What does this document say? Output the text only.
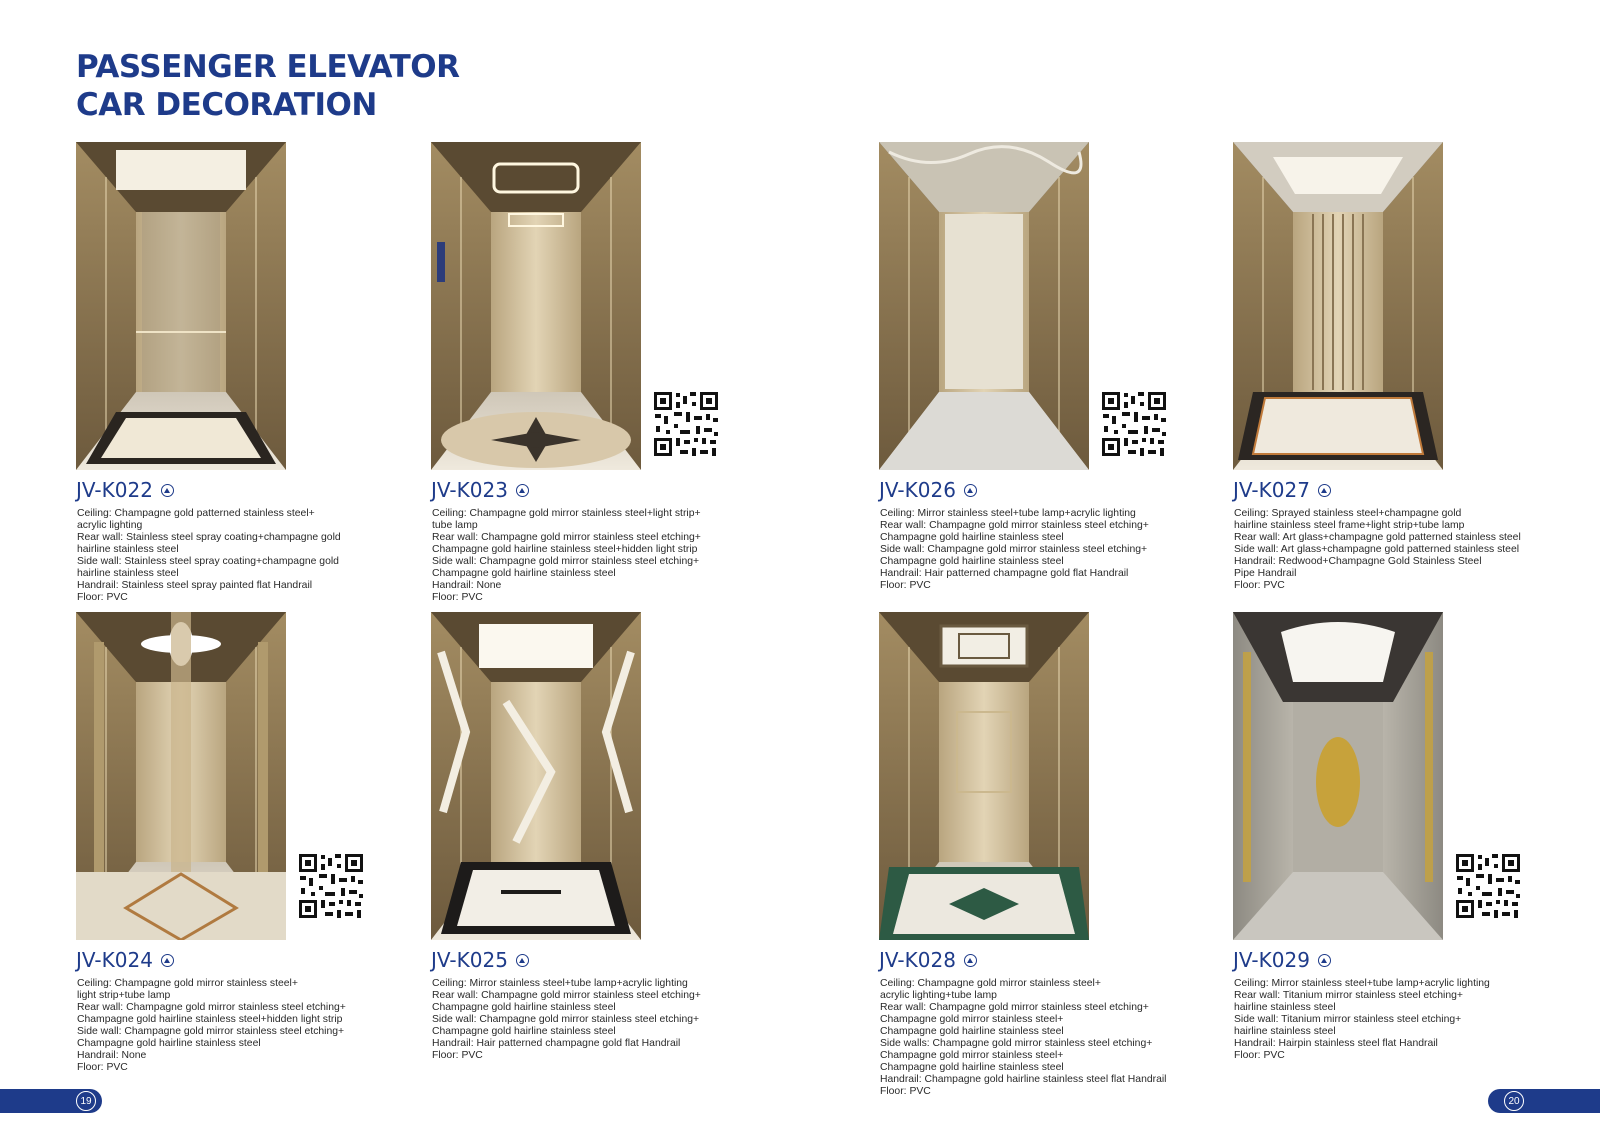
PASSENGER ELEVATOR
CAR DECORATION
JV-K022
Ceiling: Champagne gold patterned stainless steel+
acrylic lighting
Rear wall: Stainless steel spray coating+champagne gold
hairline stainless steel
Side wall: Stainless steel spray coating+champagne gold
hairline stainless steel
Handrail: Stainless steel spray painted flat Handrail
Floor: PVC
JV-K023
Ceiling: Champagne gold mirror stainless steel+light strip+
tube lamp
Rear wall: Champagne gold mirror stainless steel etching+
Champagne gold hairline stainless steel+hidden light strip
Side wall: Champagne gold mirror stainless steel etching+
Champagne gold hairline stainless steel
Handrail: None
Floor: PVC
JV-K026
Ceiling: Mirror stainless steel+tube lamp+acrylic lighting
Rear wall: Champagne gold mirror stainless steel etching+
Champagne gold hairline stainless steel
Side wall: Champagne gold mirror stainless steel etching+
Champagne gold hairline stainless steel
Handrail: Hair patterned champagne gold flat Handrail
Floor: PVC
JV-K027
Ceiling: Sprayed stainless steel+champagne gold
hairline stainless steel frame+light strip+tube lamp
Rear wall: Art glass+champagne gold patterned stainless steel
Side wall: Art glass+champagne gold patterned stainless steel
Handrail: Redwood+Champagne Gold Stainless Steel
Pipe Handrail
Floor: PVC
JV-K024
Ceiling: Champagne gold mirror stainless steel+
light strip+tube lamp
Rear wall: Champagne gold mirror stainless steel etching+
Champagne gold hairline stainless steel+hidden light strip
Side wall: Champagne gold mirror stainless steel etching+
Champagne gold hairline stainless steel
Handrail: None
Floor: PVC
JV-K025
Ceiling: Mirror stainless steel+tube lamp+acrylic lighting
Rear wall: Champagne gold mirror stainless steel etching+
Champagne gold hairline stainless steel
Side wall: Champagne gold mirror stainless steel etching+
Champagne gold hairline stainless steel
Handrail: Hair patterned champagne gold flat Handrail
Floor: PVC
JV-K028
Ceiling: Champagne gold mirror stainless steel+
acrylic lighting+tube lamp
Rear wall: Champagne gold mirror stainless steel etching+
Champagne gold mirror stainless steel+
Champagne gold hairline stainless steel
Side walls: Champagne gold mirror stainless steel etching+
Champagne gold mirror stainless steel+
Champagne gold hairline stainless steel
Handrail: Champagne gold hairline stainless steel flat Handrail
Floor: PVC
JV-K029
Ceiling: Mirror stainless steel+tube lamp+acrylic lighting
Rear wall: Titanium mirror stainless steel etching+
hairline stainless steel
Side wall: Titanium mirror stainless steel etching+
hairline stainless steel
Handrail: Hairpin stainless steel flat Handrail
Floor: PVC
19	20
